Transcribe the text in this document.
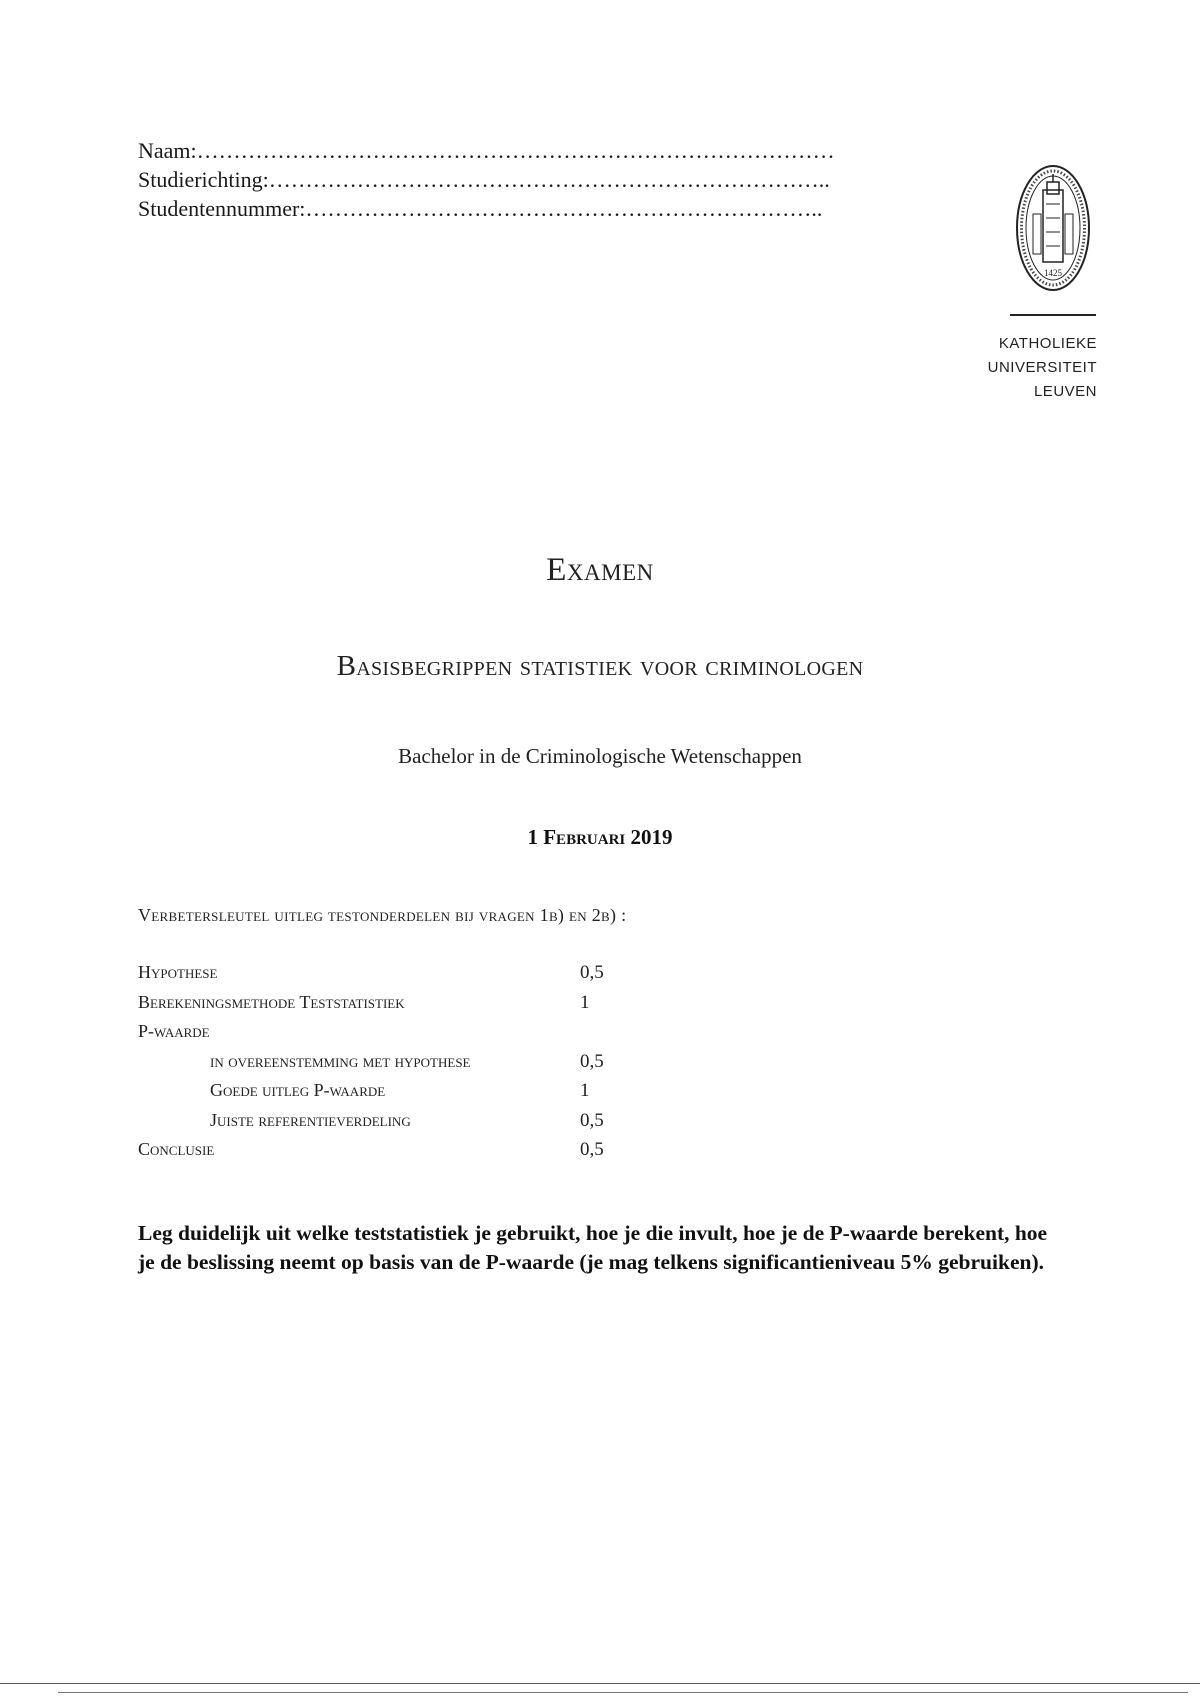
Naam:……………………………………………………………………………
Studierichting:…………………………………………………………………..
Studentennummer:……………………………………………………………..
1425
KATHOLIEKE
UNIVERSITEIT
LEUVEN
Examen
Basisbegrippen statistiek voor criminologen
Bachelor in de Criminologische Wetenschappen
1 Februari 2019
Verbetersleutel uitleg testonderdelen bij vragen 1b) en 2b) :
Hypothese	0,5
Berekeningsmethode Teststatistiek	1
P-waarde
in overeenstemming met hypothese	0,5
Goede uitleg P-waarde	1
Juiste referentieverdeling	0,5
Conclusie	0,5
Leg duidelijk uit welke teststatistiek je gebruikt, hoe je die invult, hoe je de P-waarde berekent, hoe je de beslissing neemt op basis van de P-waarde (je mag telkens significantieniveau 5% gebruiken).
